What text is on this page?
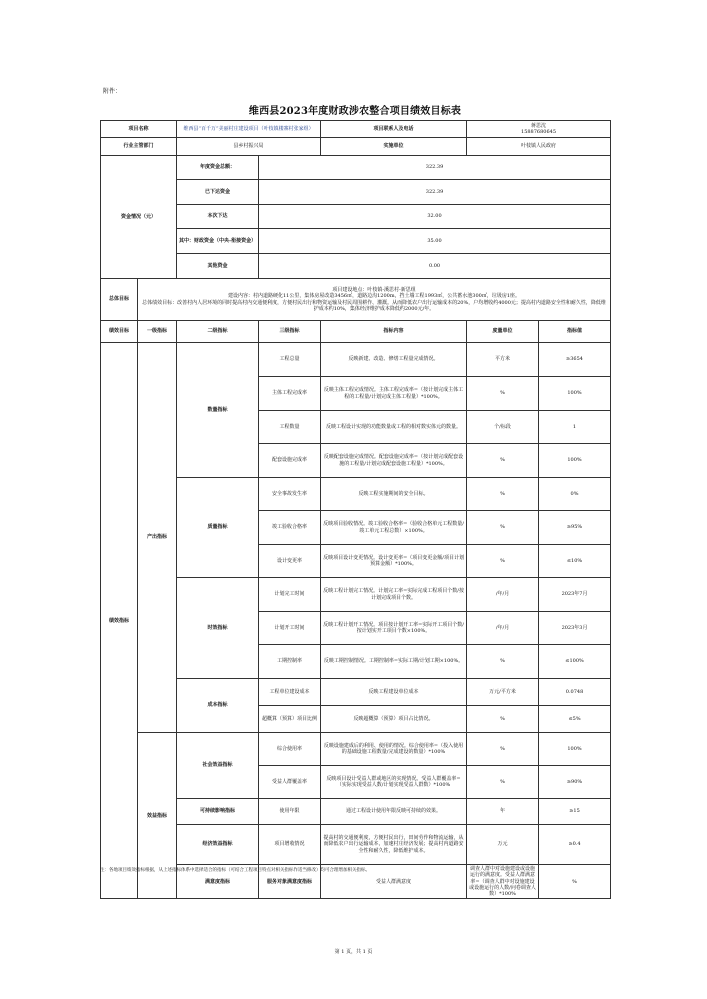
附件：
维西县2023年度财政涉农整合项目绩效目标表
项目名称		维西县“百千万”美丽村庄建设项目（叶枝镇楼寨村张家组）		项目联系人及电话	蒋思沈
15887680645		
行业主管部门		县乡村振兴局		实施单位	叶枝镇人民政府		
资金情况（元）		年度资金总额：	322.39				
		已下达资金	322.39				
		本次下达	32.00				
		其中：财政资金（中央-衔接资金）	35.00				
		其他资金	0.00				
总体目标	项目建设地点：叶枝镇-溪思村-新思组
建设内容：村内道路硬化11公里，集体房屋改造3456㎡，道路边沟1200m，挡土墙工程1993㎡，公共蓄水池300㎡，垃圾房1座。
总体绩效目标：改善村内人居环境的同时提高村内交通便利度，方便村民出行和物资运输及村民周围耕作、灌溉。从而降低农户出行运输成本的20%，户均增收约4000元；提高村内道路安全性和耐久性，降低维护成本约10%，集体经济维护成本降低约2000元/年。						
绩效目标	一级指标	二级指标	三级指标	指标内容	度量单位	指标值	
绩效指标	产出指标	数量指标	工程总量	反映新建、改造、修缮工程量完成情况。	平方米	≥3654	
			主体工程完成率	反映主体工程完成情况。主体工程完成率=（按计划完成主体工程的工程量/计划完成主体工程量）*100%。	%	100%	
			工程数量	反映工程设计实现的功能数量或工程的相对数实体元的数量。	个/标段	1	
			配套设施完成率	反映配套设施完成情况。配套设施完成率=（按计划完成配套设施的工程量/计划完成配套设施工程量）*100%。	%	100%	
		质量指标	安全事故发生率	反映工程实施期间的安全目标。	%	0%	
			竣工验收合格率	反映项目验收情况。竣工验收合格率=（验收合格单元工程数量/竣工单元工程总数）×100%。	%	≥95%	
			设计变更率	反映项目设计变更情况。设计变更率=（项目变更金额/项目计划预算金额）*100%。	%	≤10%	
		时效指标	计划完工时间	反映工程计划完工情况。计划完工率=实际完成工程项目个数/按计划完成项目个数。	/年/月	2023年7月	
			计划开工时间	反映工程计划开工情况。项目按计划开工率=实际开工项目个数/按计划实开工项目个数×100%。	/年/月	2023年3月	
			工期控制率	反映工期控制情况。工期控制率=实际工期/计划工期×100%。	%	≤100%	
		成本指标	工程单位建设成本	反映工程建设单位成本	万元/平方米	0.0748	
			超概算（预算）项目比例	反映超概算（预算）项目占比情况。	%	≤5%	
	效益指标	社会效益指标	综合使用率	反映设施建成后的利用、使用的情况。综合使用率=（投入使用的基础设施工程数量/完成建设的数量）*100%	%	100%	
			受益人群覆盖率	反映项目设计受益人群或地区的实现情况。受益人群覆盖率=（实际实现受益人数/计划实现受益人群数）*100%	%	≥90%	
		可持续影响指标	使用年限	通过工程设计使用年限反映可持续的效果。	年	≥15	
		经济效益指标	项目增收情况	提高村的交通便利度，方便村民出行，田间劳作和物流运输，从而降低农户出行运输成本，加速村庄经济发展；提高村内道路安全性和耐久性，降低维护成本。	万元	≥0.4	
		满意度指标	服务对象满意度指标	受益人群满意度	调查人群中对设施建设或设施运行的满意度。受益人群满意率=（调查人群中对设施建设或设施运行的人数/问卷调查人数）*100%	%	
注：各地项目绩效指标根据，从上述指标体系中选择适合的指标（可结合工程项目特点对相关指标作适当修改）均可合理增加相关指标。
第 1 页，共 1 页
